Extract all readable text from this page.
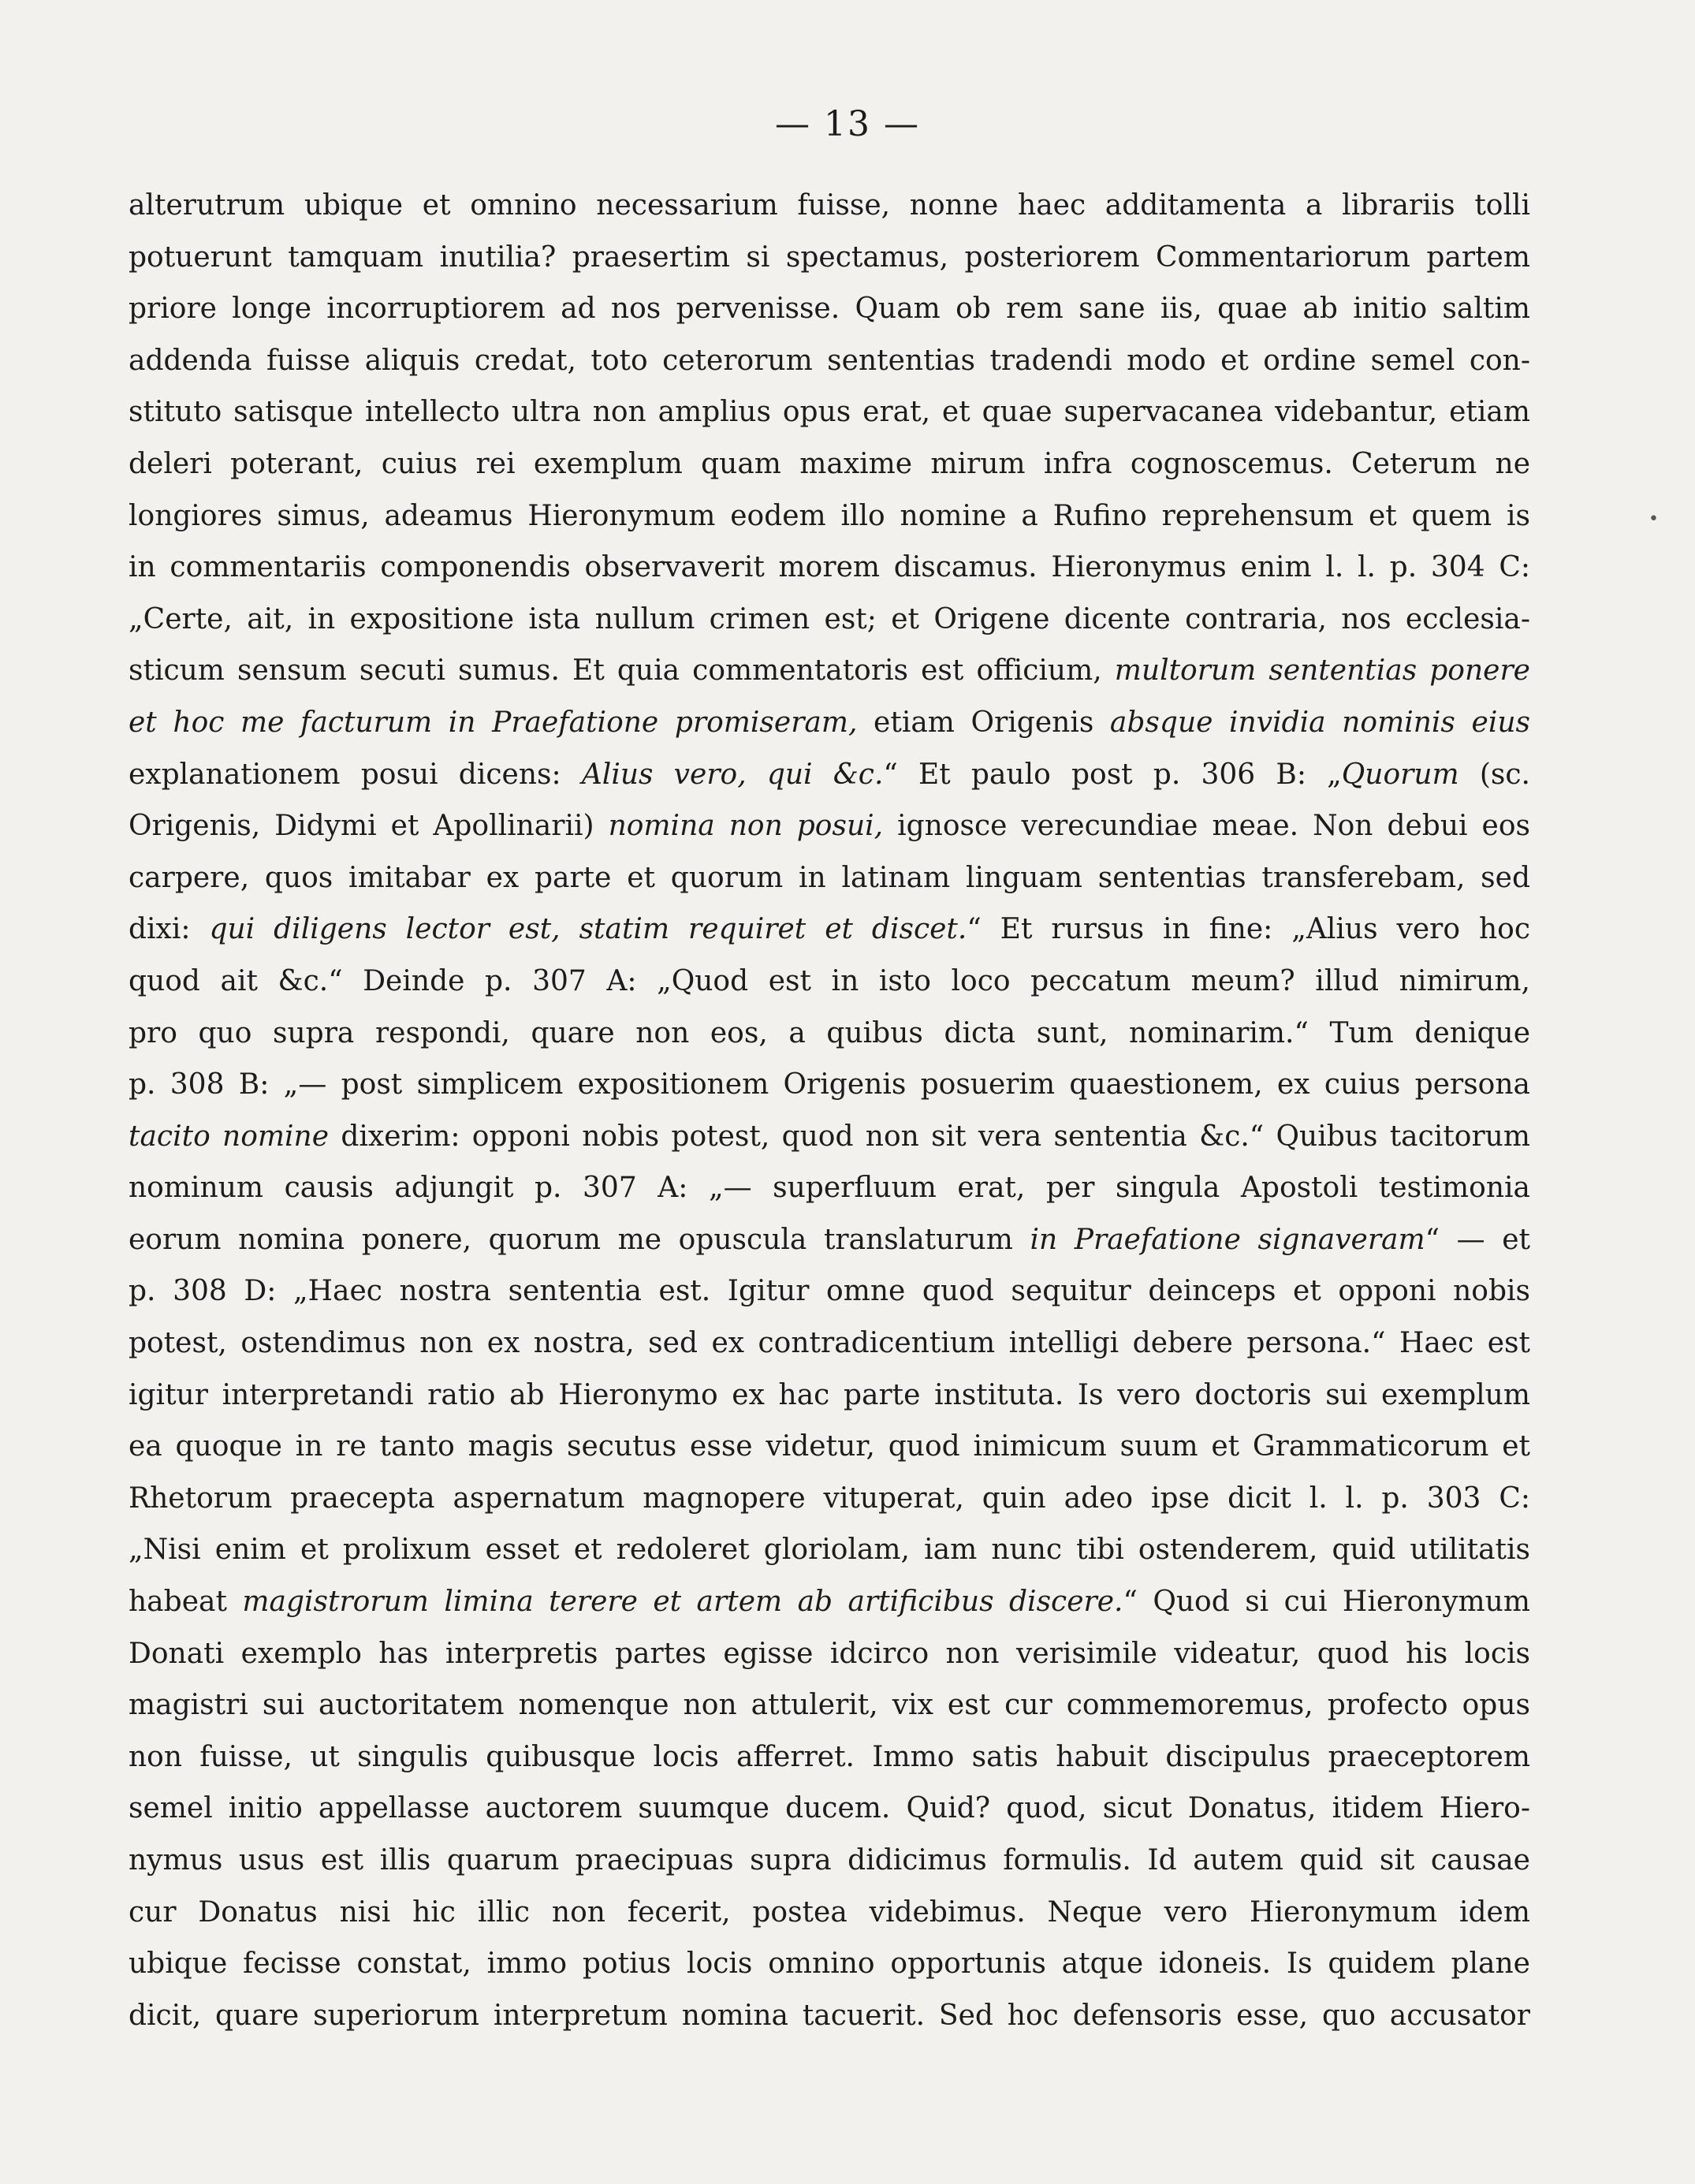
— 13 —
alterutrum ubique et omnino necessarium fuisse, nonne haec additamenta a librariis tolli
potuerunt tamquam inutilia? praesertim si spectamus, posteriorem Commentariorum partem
priore longe incorruptiorem ad nos pervenisse. Quam ob rem sane iis, quae ab initio saltim
addenda fuisse aliquis credat, toto ceterorum sententias tradendi modo et ordine semel con-
stituto satisque intellecto ultra non amplius opus erat, et quae supervacanea videbantur, etiam
deleri poterant, cuius rei exemplum quam maxime mirum infra cognoscemus. Ceterum ne
longiores simus, adeamus Hieronymum eodem illo nomine a Rufino reprehensum et quem is
in commentariis componendis observaverit morem discamus. Hieronymus enim l. l. p. 304 C:
„Certe, ait, in expositione ista nullum crimen est; et Origene dicente contraria, nos ecclesia-
sticum sensum secuti sumus. Et quia commentatoris est officium, multorum sententias ponere
et hoc me facturum in Praefatione promiseram, etiam Origenis absque invidia nominis eius
explanationem posui dicens: Alius vero, qui &c.“ Et paulo post p. 306 B: „Quorum (sc.
Origenis, Didymi et Apollinarii) nomina non posui, ignosce verecundiae meae. Non debui eos
carpere, quos imitabar ex parte et quorum in latinam linguam sententias transferebam, sed
dixi: qui diligens lector est, statim requiret et discet.“ Et rursus in fine: „Alius vero hoc
quod ait &c.“ Deinde p. 307 A: „Quod est in isto loco peccatum meum? illud nimirum,
pro quo supra respondi, quare non eos, a quibus dicta sunt, nominarim.“ Tum denique
p. 308 B: „— post simplicem expositionem Origenis posuerim quaestionem, ex cuius persona
tacito nomine dixerim: opponi nobis potest, quod non sit vera sententia &c.“ Quibus tacitorum
nominum causis adjungit p. 307 A: „— superfluum erat, per singula Apostoli testimonia
eorum nomina ponere, quorum me opuscula translaturum in Praefatione signaveram“ — et
p. 308 D: „Haec nostra sententia est. Igitur omne quod sequitur deinceps et opponi nobis
potest, ostendimus non ex nostra, sed ex contradicentium intelligi debere persona.“ Haec est
igitur interpretandi ratio ab Hieronymo ex hac parte instituta. Is vero doctoris sui exemplum
ea quoque in re tanto magis secutus esse videtur, quod inimicum suum et Grammaticorum et
Rhetorum praecepta aspernatum magnopere vituperat, quin adeo ipse dicit l. l. p. 303 C:
„Nisi enim et prolixum esset et redoleret gloriolam, iam nunc tibi ostenderem, quid utilitatis
habeat magistrorum limina terere et artem ab artificibus discere.“ Quod si cui Hieronymum
Donati exemplo has interpretis partes egisse idcirco non verisimile videatur, quod his locis
magistri sui auctoritatem nomenque non attulerit, vix est cur commemoremus, profecto opus
non fuisse, ut singulis quibusque locis afferret. Immo satis habuit discipulus praeceptorem
semel initio appellasse auctorem suumque ducem. Quid? quod, sicut Donatus, itidem Hiero-
nymus usus est illis quarum praecipuas supra didicimus formulis. Id autem quid sit causae
cur Donatus nisi hic illic non fecerit, postea videbimus. Neque vero Hieronymum idem
ubique fecisse constat, immo potius locis omnino opportunis atque idoneis. Is quidem plane
dicit, quare superiorum interpretum nomina tacuerit. Sed hoc defensoris esse, quo accusator
•
